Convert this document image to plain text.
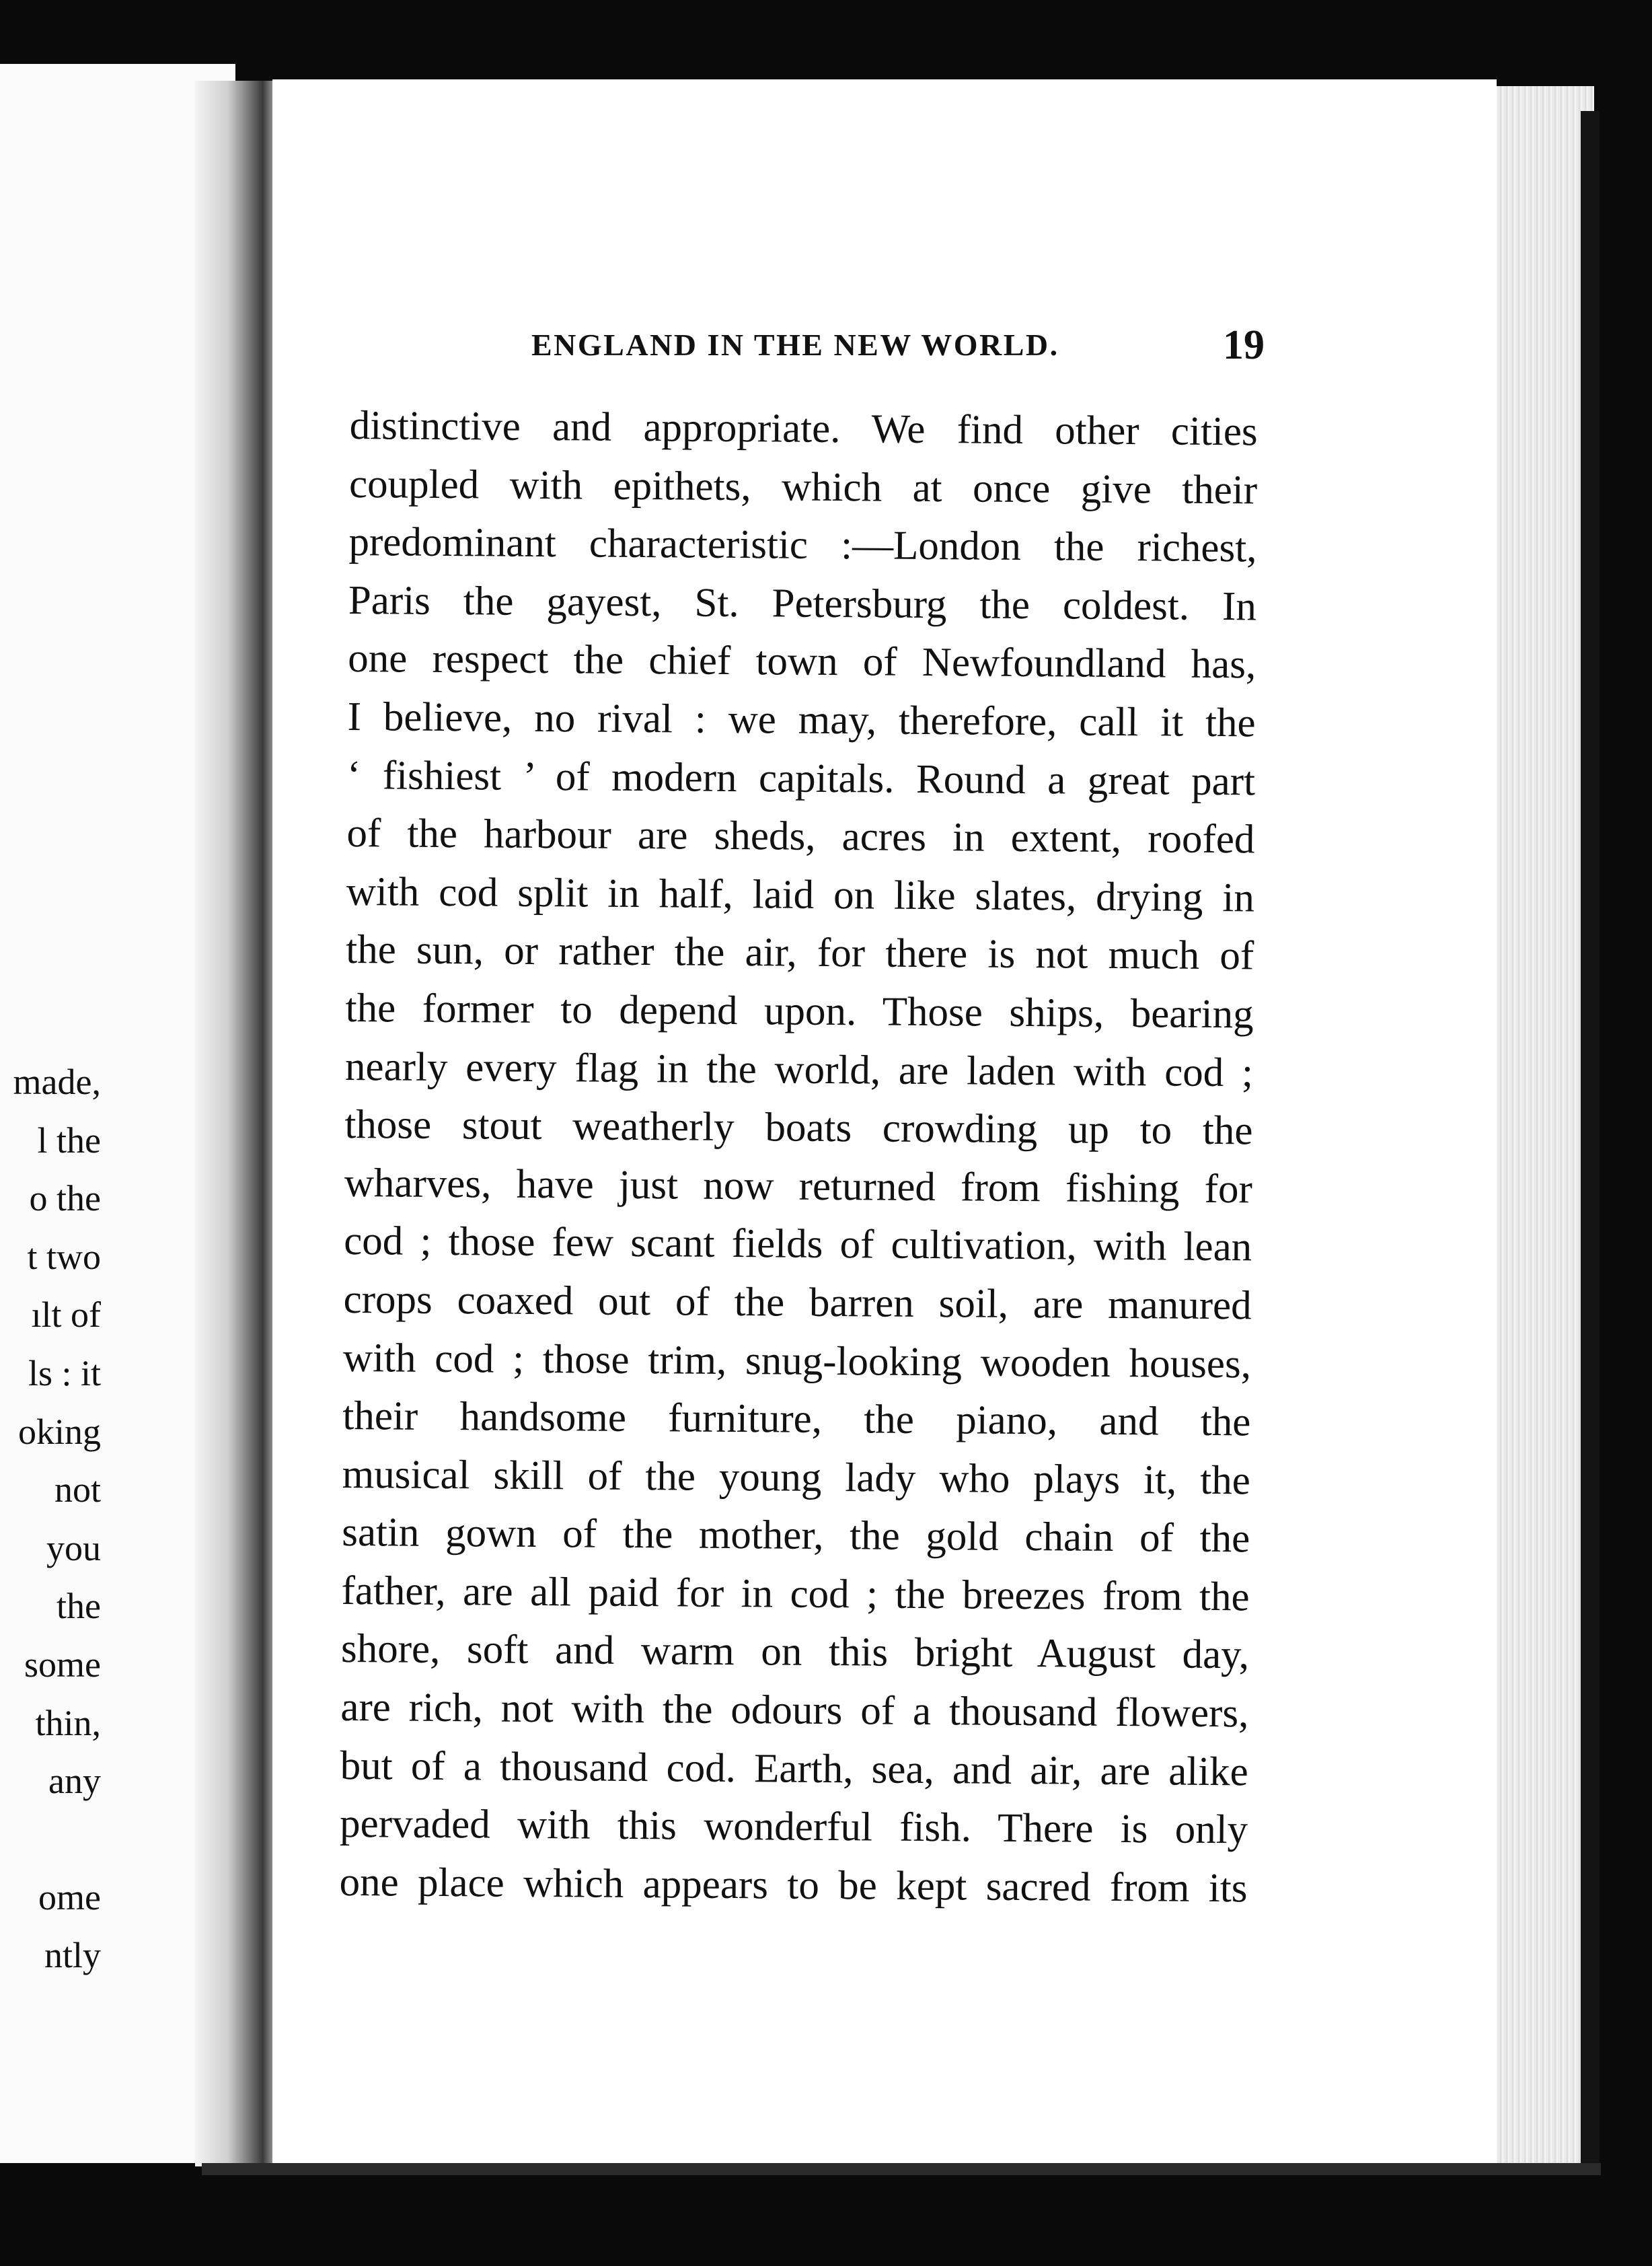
made,
l the
o the
t two
ılt of
ls : it
oking
not
you
the
some
thin,
any
ome
ntly
ENGLAND IN THE NEW WORLD.	19
distinctive and appropriate. We find other cities
coupled with epithets, which at once give their
predominant characteristic :—London the richest,
Paris the gayest, St. Petersburg the coldest. In
one respect the chief town of Newfoundland has,
I believe, no rival : we may, therefore, call it the
‘ fishiest ’ of modern capitals. Round a great part
of the harbour are sheds, acres in extent, roofed
with cod split in half, laid on like slates, drying in
the sun, or rather the air, for there is not much of
the former to depend upon. Those ships, bearing
nearly every flag in the world, are laden with cod ;
those stout weatherly boats crowding up to the
wharves, have just now returned from fishing for
cod ; those few scant fields of cultivation, with lean
crops coaxed out of the barren soil, are manured
with cod ; those trim, snug-looking wooden houses,
their handsome furniture, the piano, and the
musical skill of the young lady who plays it, the
satin gown of the mother, the gold chain of the
father, are all paid for in cod ; the breezes from the
shore, soft and warm on this bright August day,
are rich, not with the odours of a thousand flowers,
but of a thousand cod. Earth, sea, and air, are alike
pervaded with this wonderful fish. There is only
one place which appears to be kept sacred from its
